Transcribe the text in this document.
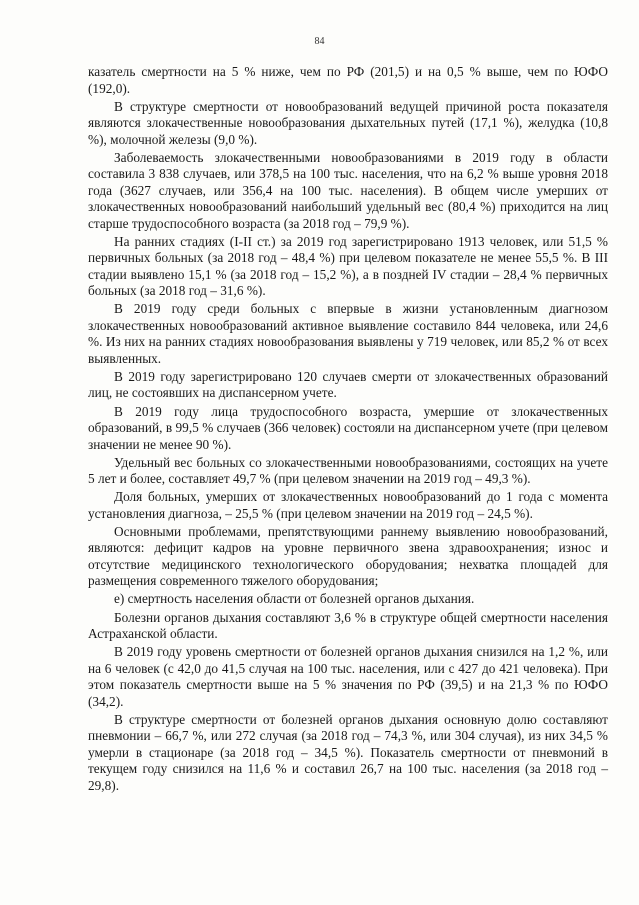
84

казатель смертности на 5 % ниже, чем по РФ (201,5) и на 0,5 % выше, чем по ЮФО (192,0).

В структуре смертности от новообразований ведущей причиной роста показателя являются злокачественные новообразования дыхательных путей (17,1 %), желудка (10,8 %), молочной железы (9,0 %).

Заболеваемость злокачественными новообразованиями в 2019 году в области составила 3 838 случаев, или 378,5 на 100 тыс. населения, что на 6,2 % выше уровня 2018 года (3627 случаев, или 356,4 на 100 тыс. населения). В общем числе умерших от злокачественных новообразований наибольший удельный вес (80,4 %) приходится на лиц старше трудоспособного возраста (за 2018 год – 79,9 %).

На ранних стадиях (I-II ст.) за 2019 год зарегистрировано 1913 человек, или 51,5 % первичных больных (за 2018 год – 48,4 %) при целевом показателе не менее 55,5 %. В III стадии выявлено 15,1 % (за 2018 год – 15,2 %), а в поздней IV стадии – 28,4 % первичных больных (за 2018 год – 31,6 %).

В 2019 году среди больных с впервые в жизни установленным диагнозом злокачественных новообразований активное выявление составило 844 человека, или 24,6 %. Из них на ранних стадиях новообразования выявлены у 719 человек, или 85,2 % от всех выявленных.

В 2019 году зарегистрировано 120 случаев смерти от злокачественных образований лиц, не состоявших на диспансерном учете.

В 2019 году лица трудоспособного возраста, умершие от злокачественных образований, в 99,5 % случаев (366 человек) состояли на диспансерном учете (при целевом значении не менее 90 %).

Удельный вес больных со злокачественными новообразованиями, состоящих на учете 5 лет и более, составляет 49,7 % (при целевом значении на 2019 год – 49,3 %).

Доля больных, умерших от злокачественных новообразований до 1 года с момента установления диагноза, – 25,5 % (при целевом значении на 2019 год – 24,5 %).

Основными проблемами, препятствующими раннему выявлению новообразований, являются: дефицит кадров на уровне первичного звена здравоохранения; износ и отсутствие медицинского технологического оборудования; нехватка площадей для размещения современного тяжелого оборудования;

е) смертность населения области от болезней органов дыхания.

Болезни органов дыхания составляют 3,6 % в структуре общей смертности населения Астраханской области.

В 2019 году уровень смертности от болезней органов дыхания снизился на 1,2 %, или на 6 человек (с 42,0 до 41,5 случая на 100 тыс. населения, или с 427 до 421 человека). При этом показатель смертности выше на 5 % значения по РФ (39,5) и на 21,3 % по ЮФО (34,2).

В структуре смертности от болезней органов дыхания основную долю составляют пневмонии – 66,7 %, или 272 случая (за 2018 год – 74,3 %, или 304 случая), из них 34,5 % умерли в стационаре (за 2018 год – 34,5 %). Показатель смертности от пневмоний в текущем году снизился на 11,6 % и составил 26,7 на 100 тыс. населения (за 2018 год – 29,8).
